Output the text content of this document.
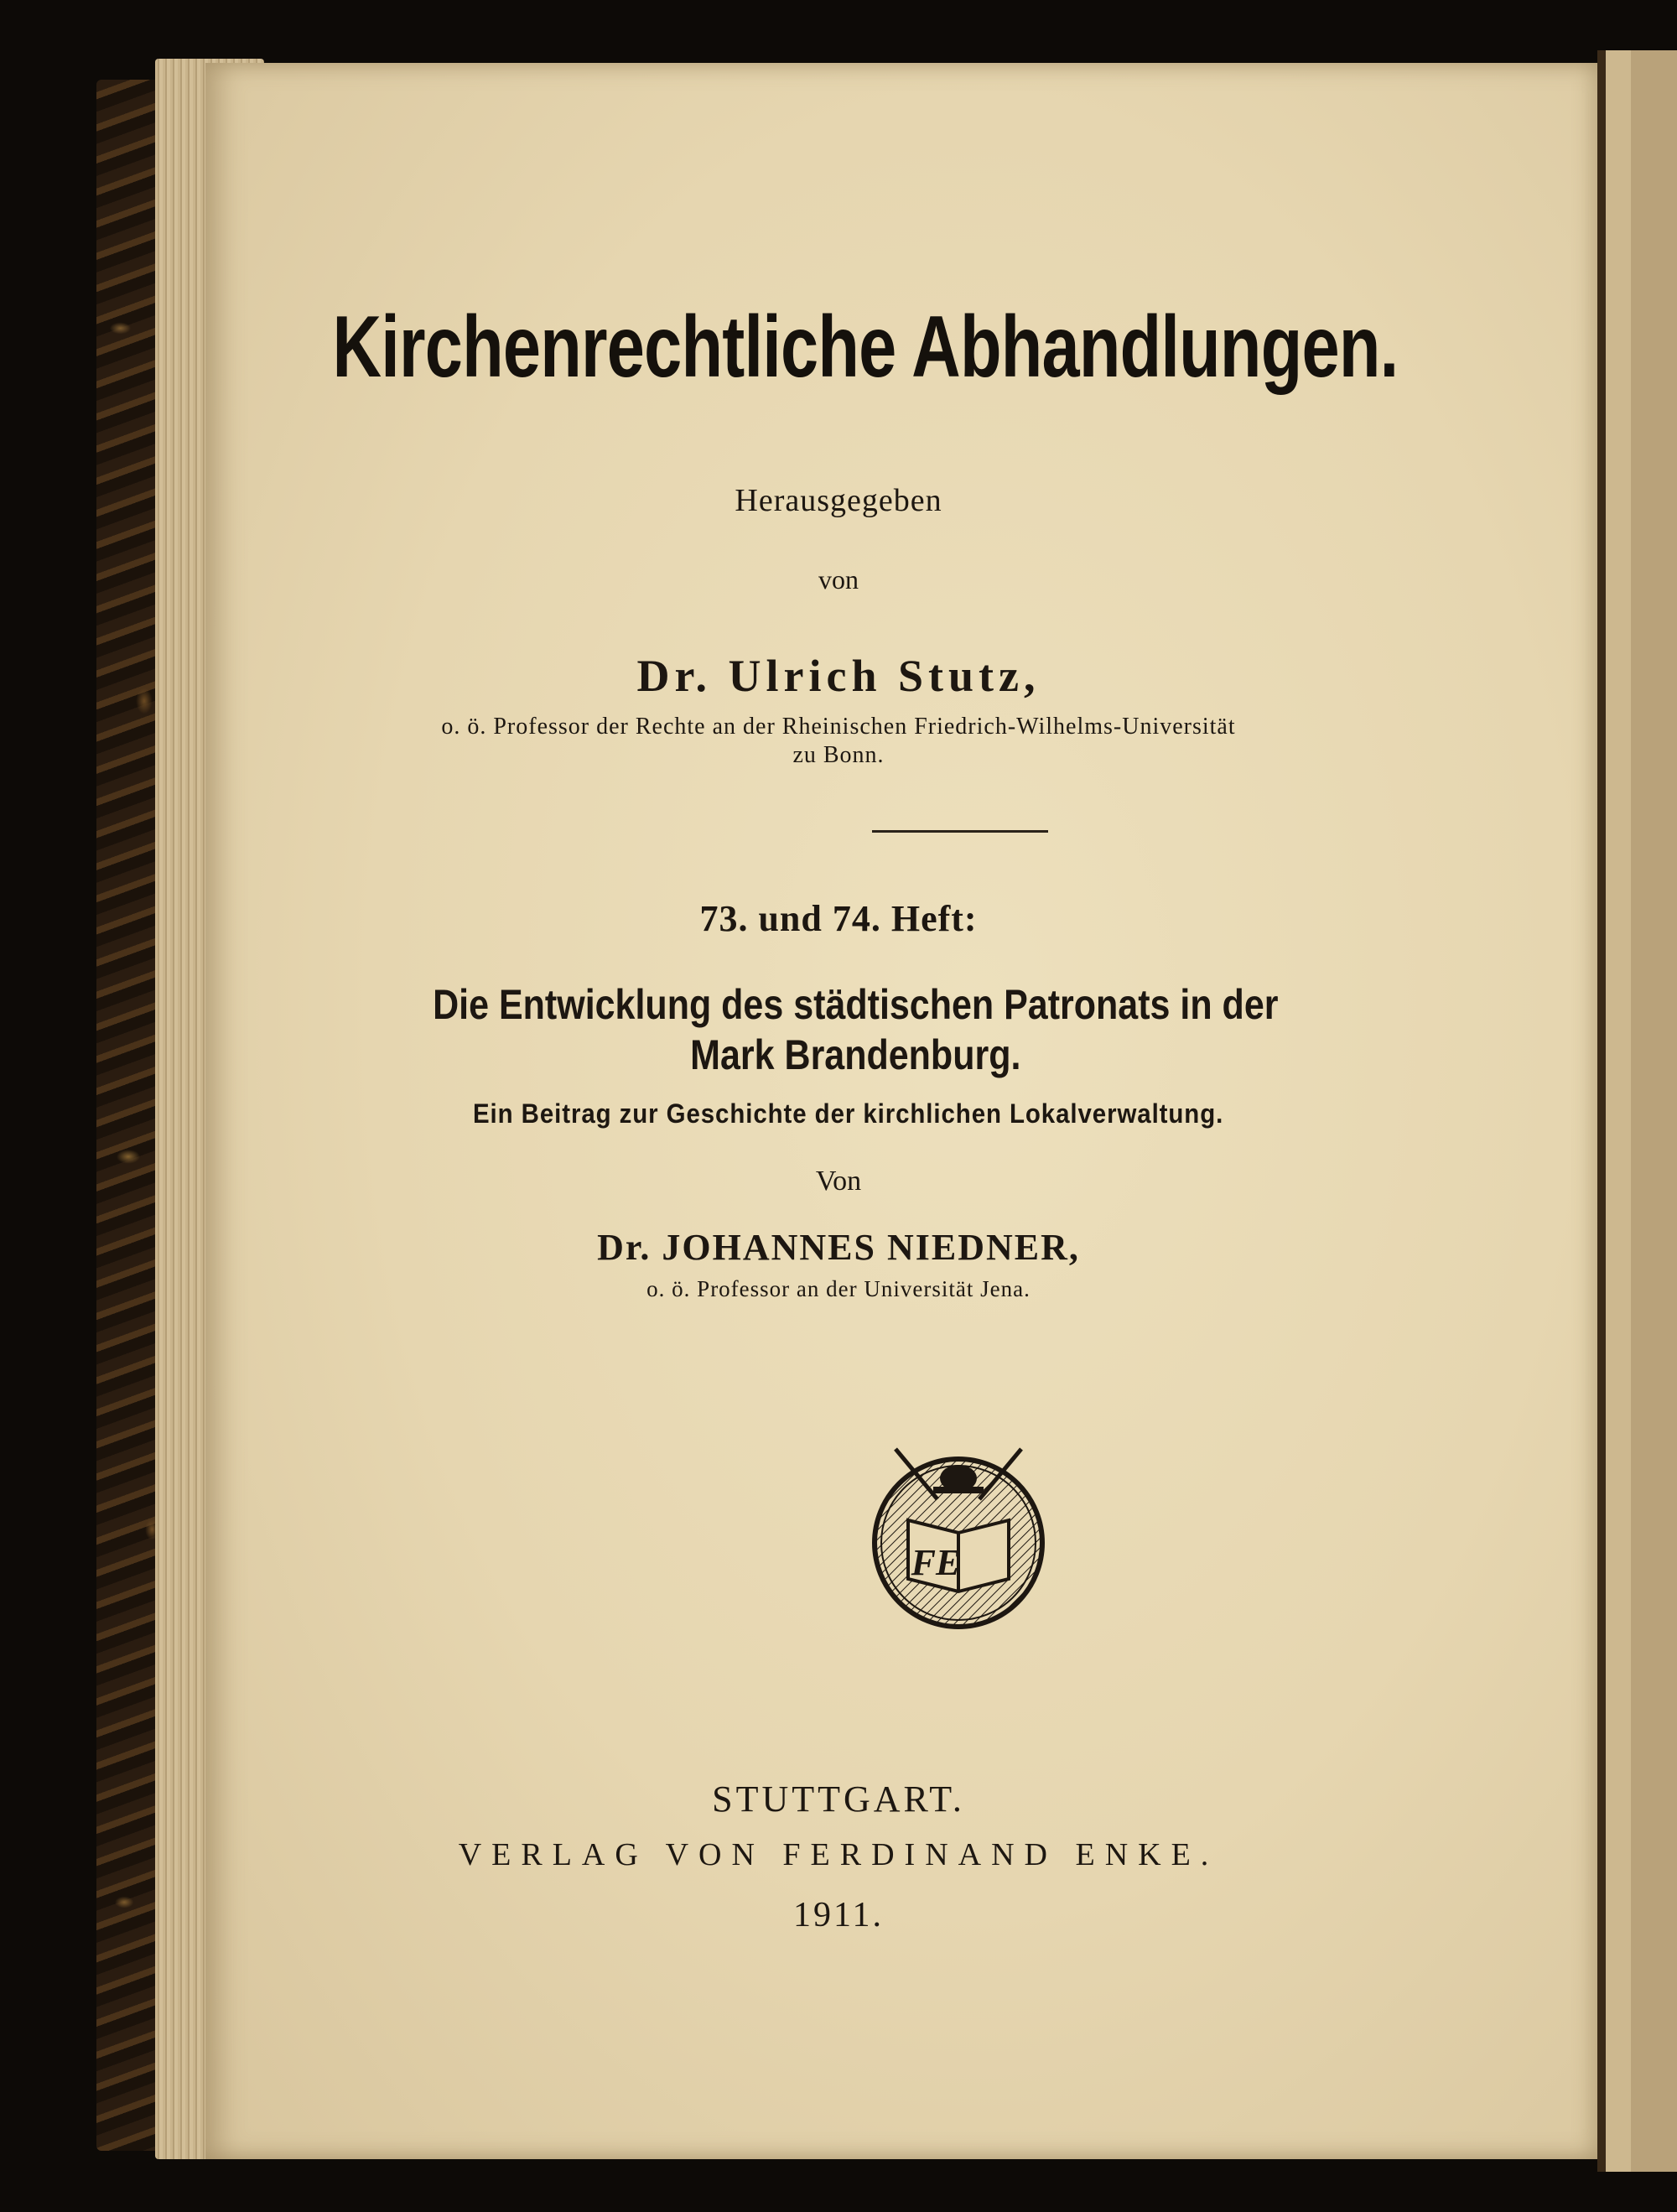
Kirchenrechtliche Abhandlungen.
Herausgegeben
von
Dr. Ulrich Stutz,
o. ö. Professor der Rechte an der Rheinischen Friedrich-Wilhelms-Universität
zu Bonn.
73. und 74. Heft:
Die Entwicklung des städtischen Patronats in der
Mark Brandenburg.
Ein Beitrag zur Geschichte der kirchlichen Lokalverwaltung.
Von
Dr. JOHANNES NIEDNER,
o. ö. Professor an der Universität Jena.
FE
STUTTGART.
VERLAG VON FERDINAND ENKE.
1911.
